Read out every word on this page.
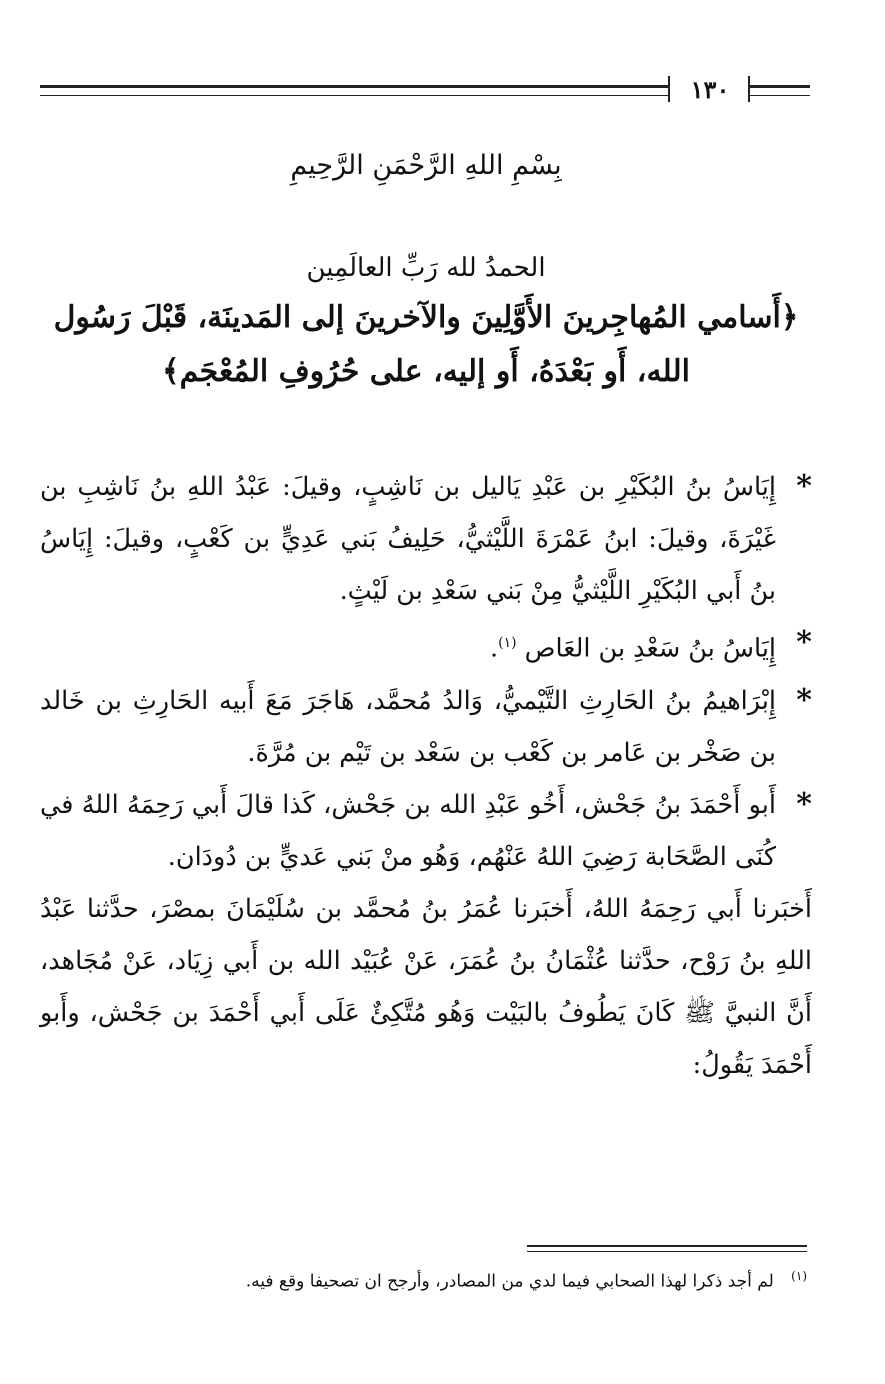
١٣٠
بِسْمِ اللهِ الرَّحْمَنِ الرَّحِيمِ
الحمدُ لله رَبِّ العالَمِين
﴿أَسامي المُهاجِرينَ الأَوَّلِينَ والآخرينَ إلى المَدينَة، قَبْلَ رَسُول الله، أَو بَعْدَهُ، أَو إليه، على حُرُوفِ المُعْجَم﴾
*
إِيَاسُ بنُ البُكَيْرِ بن عَبْدِ يَاليل بن نَاشِبٍ، وقيلَ: عَبْدُ اللهِ بنُ نَاشِبِ بن غَيْرَةَ، وقيلَ: ابنُ عَمْرَةَ اللَّيْثيُّ، حَلِيفُ بَني عَدِيٍّ بن كَعْبٍ، وقيلَ: إِيَاسُ بنُ أَبي البُكَيْرِ اللَّيْثيُّ مِنْ بَني سَعْدِ بن لَيْثٍ.
*
إِيَاسُ بنُ سَعْدِ بن العَاص $^{(١)}$.
*
إِبْرَاهيمُ بنُ الحَارِثِ التَّيْميُّ، وَالدُ مُحمَّد، هَاجَرَ مَعَ أَبيه الحَارِثِ بن خَالد بن صَخْر بن عَامر بن كَعْب بن سَعْد بن تَيْم بن مُرَّةَ.
*
أَبو أَحْمَدَ بنُ جَحْش، أَخُو عَبْدِ الله بن جَحْش، كَذا قالَ أَبي رَحِمَهُ اللهُ في كُنَى الصَّحَابة رَضِيَ اللهُ عَنْهُم، وَهُو منْ بَني عَديٍّ بن دُودَان.
أَخبَرنا أَبي رَحِمَهُ اللهُ، أَخبَرنا عُمَرُ بنُ مُحمَّد بن سُلَيْمَانَ بمصْرَ، حدَّثنا عَبْدُ اللهِ بنُ رَوْح، حدَّثنا عُثْمَانُ بنُ عُمَرَ، عَنْ عُبَيْد الله بن أَبي زِيَاد، عَنْ مُجَاهد، أَنَّ النبيَّ ﷺ كَانَ يَطُوفُ بالبَيْت وَهُو مُتَّكِئٌ عَلَى أَبي أَحْمَدَ بن جَحْش، وأَبو أَحْمَدَ يَقُولُ:
$^{(١)}$ لم أجد ذكرا لهذا الصحابي فيما لدي من المصادر، وأرجح ان تصحيفا وقع فيه.
